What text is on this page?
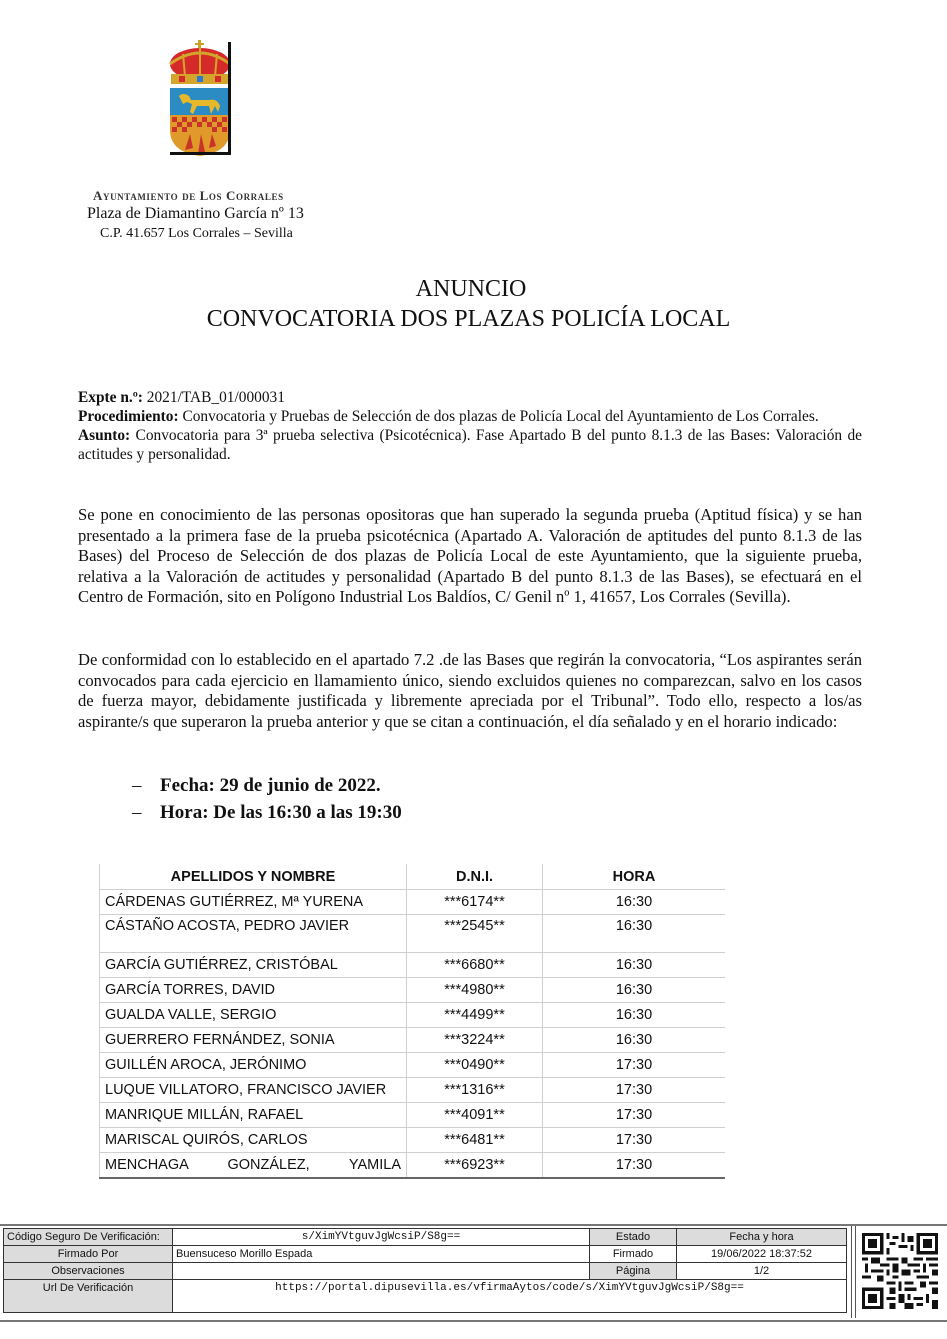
Ayuntamiento de Los Corrales
Plaza de Diamantino García nº 13
C.P. 41.657 Los Corrales – Sevilla
ANUNCIO
CONVOCATORIA DOS PLAZAS POLICÍA LOCAL
Expte n.º: 2021/TAB_01/000031
Procedimiento: Convocatoria y Pruebas de Selección de dos plazas de Policía Local del Ayuntamiento de Los Corrales.
Asunto: Convocatoria para 3ª prueba selectiva (Psicotécnica). Fase Apartado B del punto 8.1.3 de las Bases: Valoración de actitudes y personalidad.
Se pone en conocimiento de las personas opositoras que han superado la segunda prueba (Aptitud física) y se han presentado a la primera fase de la prueba psicotécnica (Apartado A. Valoración de aptitudes del punto 8.1.3 de las Bases) del Proceso de Selección de dos plazas de Policía Local de este Ayuntamiento, que la siguiente prueba, relativa a la Valoración de actitudes y personalidad (Apartado B del punto 8.1.3 de las Bases), se efectuará en el Centro de Formación, sito en Polígono Industrial Los Baldíos, C/ Genil nº 1, 41657, Los Corrales (Sevilla).
De conformidad con lo establecido en el apartado 7.2 .de las Bases que regirán la convocatoria, “Los aspirantes serán convocados para cada ejercicio en llamamiento único, siendo excluidos quienes no comparezcan, salvo en los casos de fuerza mayor, debidamente justificada y libremente apreciada por el Tribunal”. Todo ello, respecto a los/as aspirante/s que superaron la prueba anterior y que se citan a continuación, el día señalado y en el horario indicado:
– Fecha: 29 de junio de 2022.
– Hora: De las 16:30 a las 19:30
APELLIDOS Y NOMBRE	D.N.I.	HORA
CÁRDENAS GUTIÉRREZ, Mª YURENA	***6174**	16:30
CÁSTAÑO ACOSTA, PEDRO JAVIER	***2545**	16:30
GARCÍA GUTIÉRREZ, CRISTÓBAL	***6680**	16:30
GARCÍA TORRES, DAVID	***4980**	16:30
GUALDA VALLE, SERGIO	***4499**	16:30
GUERRERO FERNÁNDEZ, SONIA	***3224**	16:30
GUILLÉN AROCA, JERÓNIMO	***0490**	17:30
LUQUE VILLATORO, FRANCISCO JAVIER	***1316**	17:30
MANRIQUE MILLÁN, RAFAEL	***4091**	17:30
MARISCAL QUIRÓS, CARLOS	***6481**	17:30
MENCHAGA GONZÁLEZ, YAMILA	***6923**	17:30
Código Seguro De Verificación:	s/XimYVtguvJgWcsiP/S8g==	Estado	Fecha y hora
Firmado Por	Buensuceso Morillo Espada	Firmado	19/06/2022 18:37:52
Observaciones		Página	1/2
Url De Verificación	https://portal.dipusevilla.es/vfirmaAytos/code/s/XimYVtguvJgWcsiP/S8g==		
